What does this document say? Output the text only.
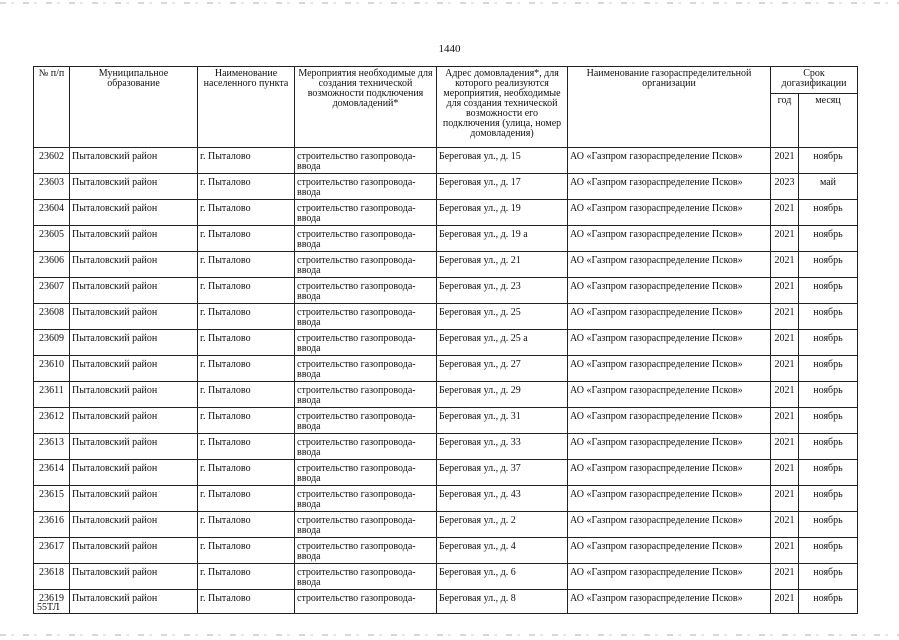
1440
№ п/п	Муниципальное образование	Наименование населенного пункта	Мероприятия необходимые для создания технической возможности подключения домовладений*	Адрес домовладения*, для которого реализуются мероприятия, необходимые для создания технической возможности его подключения (улица, номер домовладения)	Наименование газораспределительной организации	Срок догазификации	
						год	месяц
23602	Пыталовский район	г. Пыталово	строительство газопровода-ввода	Береговая ул., д. 15	АО «Газпром газораспределение Псков»	2021	ноябрь
23603	Пыталовский район	г. Пыталово	строительство газопровода-ввода	Береговая ул., д. 17	АО «Газпром газораспределение Псков»	2023	май
23604	Пыталовский район	г. Пыталово	строительство газопровода-ввода	Береговая ул., д. 19	АО «Газпром газораспределение Псков»	2021	ноябрь
23605	Пыталовский район	г. Пыталово	строительство газопровода-ввода	Береговая ул., д. 19 а	АО «Газпром газораспределение Псков»	2021	ноябрь
23606	Пыталовский район	г. Пыталово	строительство газопровода-ввода	Береговая ул., д. 21	АО «Газпром газораспределение Псков»	2021	ноябрь
23607	Пыталовский район	г. Пыталово	строительство газопровода-ввода	Береговая ул., д. 23	АО «Газпром газораспределение Псков»	2021	ноябрь
23608	Пыталовский район	г. Пыталово	строительство газопровода-ввода	Береговая ул., д. 25	АО «Газпром газораспределение Псков»	2021	ноябрь
23609	Пыталовский район	г. Пыталово	строительство газопровода-ввода	Береговая ул., д. 25 а	АО «Газпром газораспределение Псков»	2021	ноябрь
23610	Пыталовский район	г. Пыталово	строительство газопровода-ввода	Береговая ул., д. 27	АО «Газпром газораспределение Псков»	2021	ноябрь
23611	Пыталовский район	г. Пыталово	строительство газопровода-ввода	Береговая ул., д. 29	АО «Газпром газораспределение Псков»	2021	ноябрь
23612	Пыталовский район	г. Пыталово	строительство газопровода-ввода	Береговая ул., д. 31	АО «Газпром газораспределение Псков»	2021	ноябрь
23613	Пыталовский район	г. Пыталово	строительство газопровода-ввода	Береговая ул., д. 33	АО «Газпром газораспределение Псков»	2021	ноябрь
23614	Пыталовский район	г. Пыталово	строительство газопровода-ввода	Береговая ул., д. 37	АО «Газпром газораспределение Псков»	2021	ноябрь
23615	Пыталовский район	г. Пыталово	строительство газопровода-ввода	Береговая ул., д. 43	АО «Газпром газораспределение Псков»	2021	ноябрь
23616	Пыталовский район	г. Пыталово	строительство газопровода-ввода	Береговая ул., д. 2	АО «Газпром газораспределение Псков»	2021	ноябрь
23617	Пыталовский район	г. Пыталово	строительство газопровода-ввода	Береговая ул., д. 4	АО «Газпром газораспределение Псков»	2021	ноябрь
23618	Пыталовский район	г. Пыталово	строительство газопровода-ввода	Береговая ул., д. 6	АО «Газпром газораспределение Псков»	2021	ноябрь
23619	Пыталовский район	г. Пыталово	строительство газопровода-	Береговая ул., д. 8	АО «Газпром газораспределение Псков»	2021	ноябрь
55ТЛ
